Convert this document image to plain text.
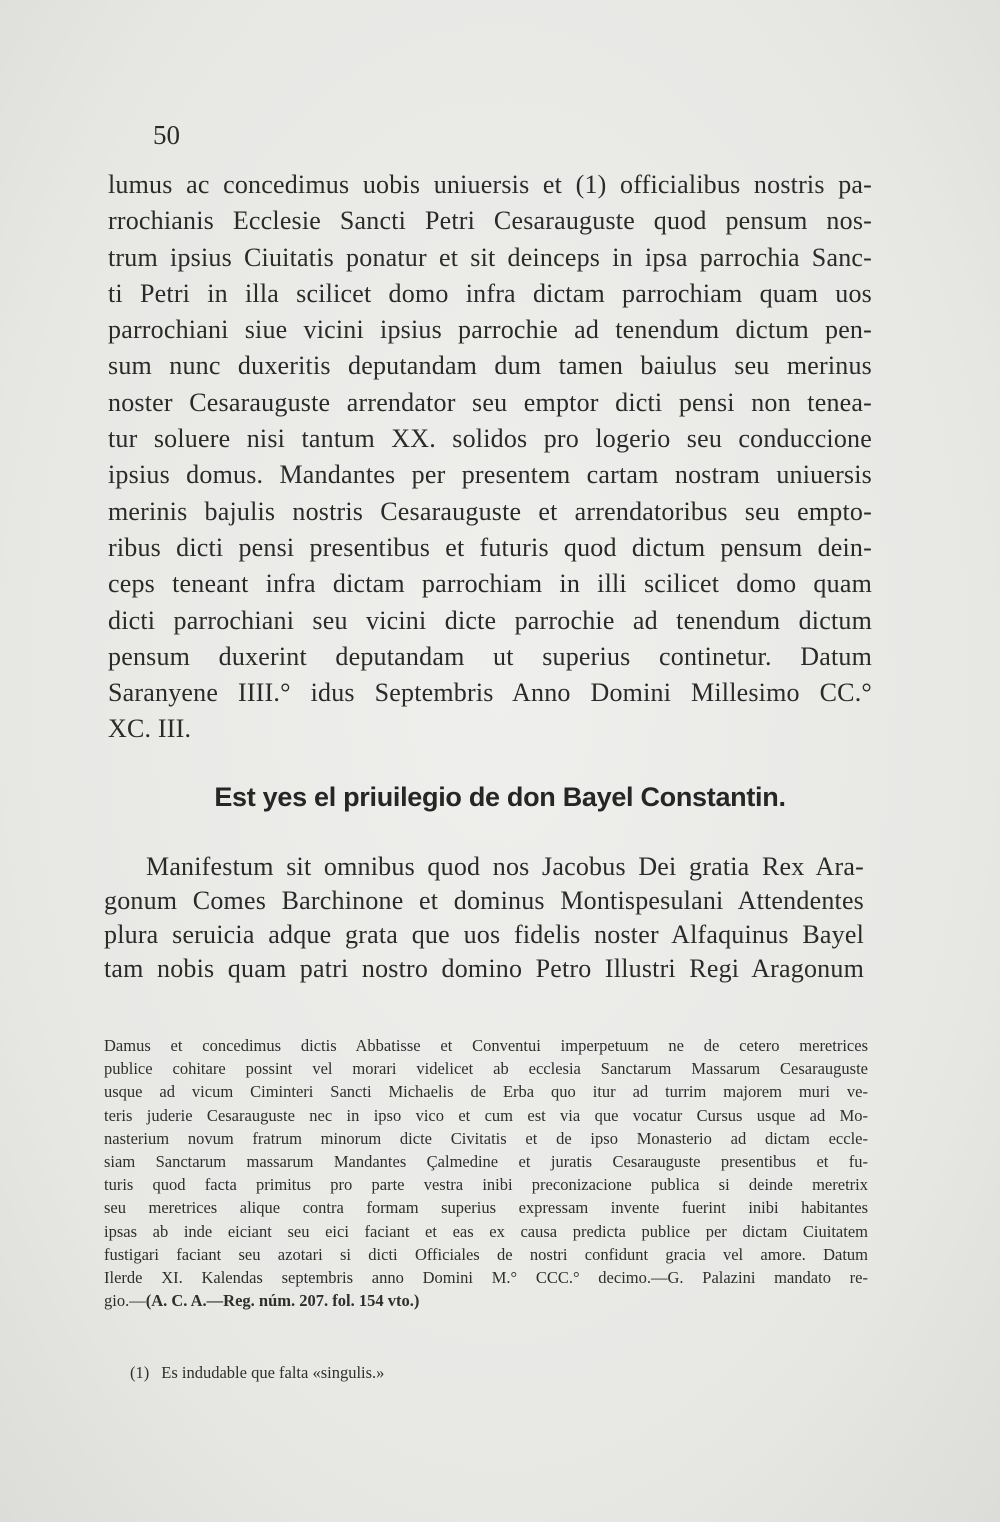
50
lumus ac concedimus uobis uniuersis et (1) officialibus nostris pa-
rrochianis Ecclesie Sancti Petri Cesarauguste quod pensum nos-
trum ipsius Ciuitatis ponatur et sit deinceps in ipsa parrochia Sanc-
ti Petri in illa scilicet domo infra dictam parrochiam quam uos
parrochiani siue vicini ipsius parrochie ad tenendum dictum pen-
sum nunc duxeritis deputandam dum tamen baiulus seu merinus
noster Cesarauguste arrendator seu emptor dicti pensi non tenea-
tur soluere nisi tantum XX. solidos pro logerio seu conduccione
ipsius domus. Mandantes per presentem cartam nostram uniuersis
merinis bajulis nostris Cesarauguste et arrendatoribus seu empto-
ribus dicti pensi presentibus et futuris quod dictum pensum dein-
ceps teneant infra dictam parrochiam in illi scilicet domo quam
dicti parrochiani seu vicini dicte parrochie ad tenendum dictum
pensum duxerint deputandam ut superius continetur. Datum
Saranyene IIII.° idus Septembris Anno Domini Millesimo CC.°
XC. III.
Est yes el priuilegio de don Bayel Constantin.
Manifestum sit omnibus quod nos Jacobus Dei gratia Rex Ara-
gonum Comes Barchinone et dominus Montispesulani Attendentes
plura seruicia adque grata que uos fidelis noster Alfaquinus Bayel
tam nobis quam patri nostro domino Petro Illustri Regi Aragonum
Damus et concedimus dictis Abbatisse et Conventui imperpetuum ne de cetero meretrices
publice cohitare possint vel morari videlicet ab ecclesia Sanctarum Massarum Cesarauguste
usque ad vicum Ciminteri Sancti Michaelis de Erba quo itur ad turrim majorem muri ve-
teris juderie Cesarauguste nec in ipso vico et cum est via que vocatur Cursus usque ad Mo-
nasterium novum fratrum minorum dicte Civitatis et de ipso Monasterio ad dictam eccle-
siam Sanctarum massarum Mandantes Çalmedine et juratis Cesarauguste presentibus et fu-
turis quod facta primitus pro parte vestra inibi preconizacione publica si deinde meretrix
seu meretrices alique contra formam superius expressam invente fuerint inibi habitantes
ipsas ab inde eiciant seu eici faciant et eas ex causa predicta publice per dictam Ciuitatem
fustigari faciant seu azotari si dicti Officiales de nostri confidunt gracia vel amore. Datum
Ilerde XI. Kalendas septembris anno Domini M.° CCC.° decimo.—G. Palazini mandato re-
gio.—(A. C. A.—Reg. núm. 207. fol. 154 vto.)
(1) Es indudable que falta «singulis.»
